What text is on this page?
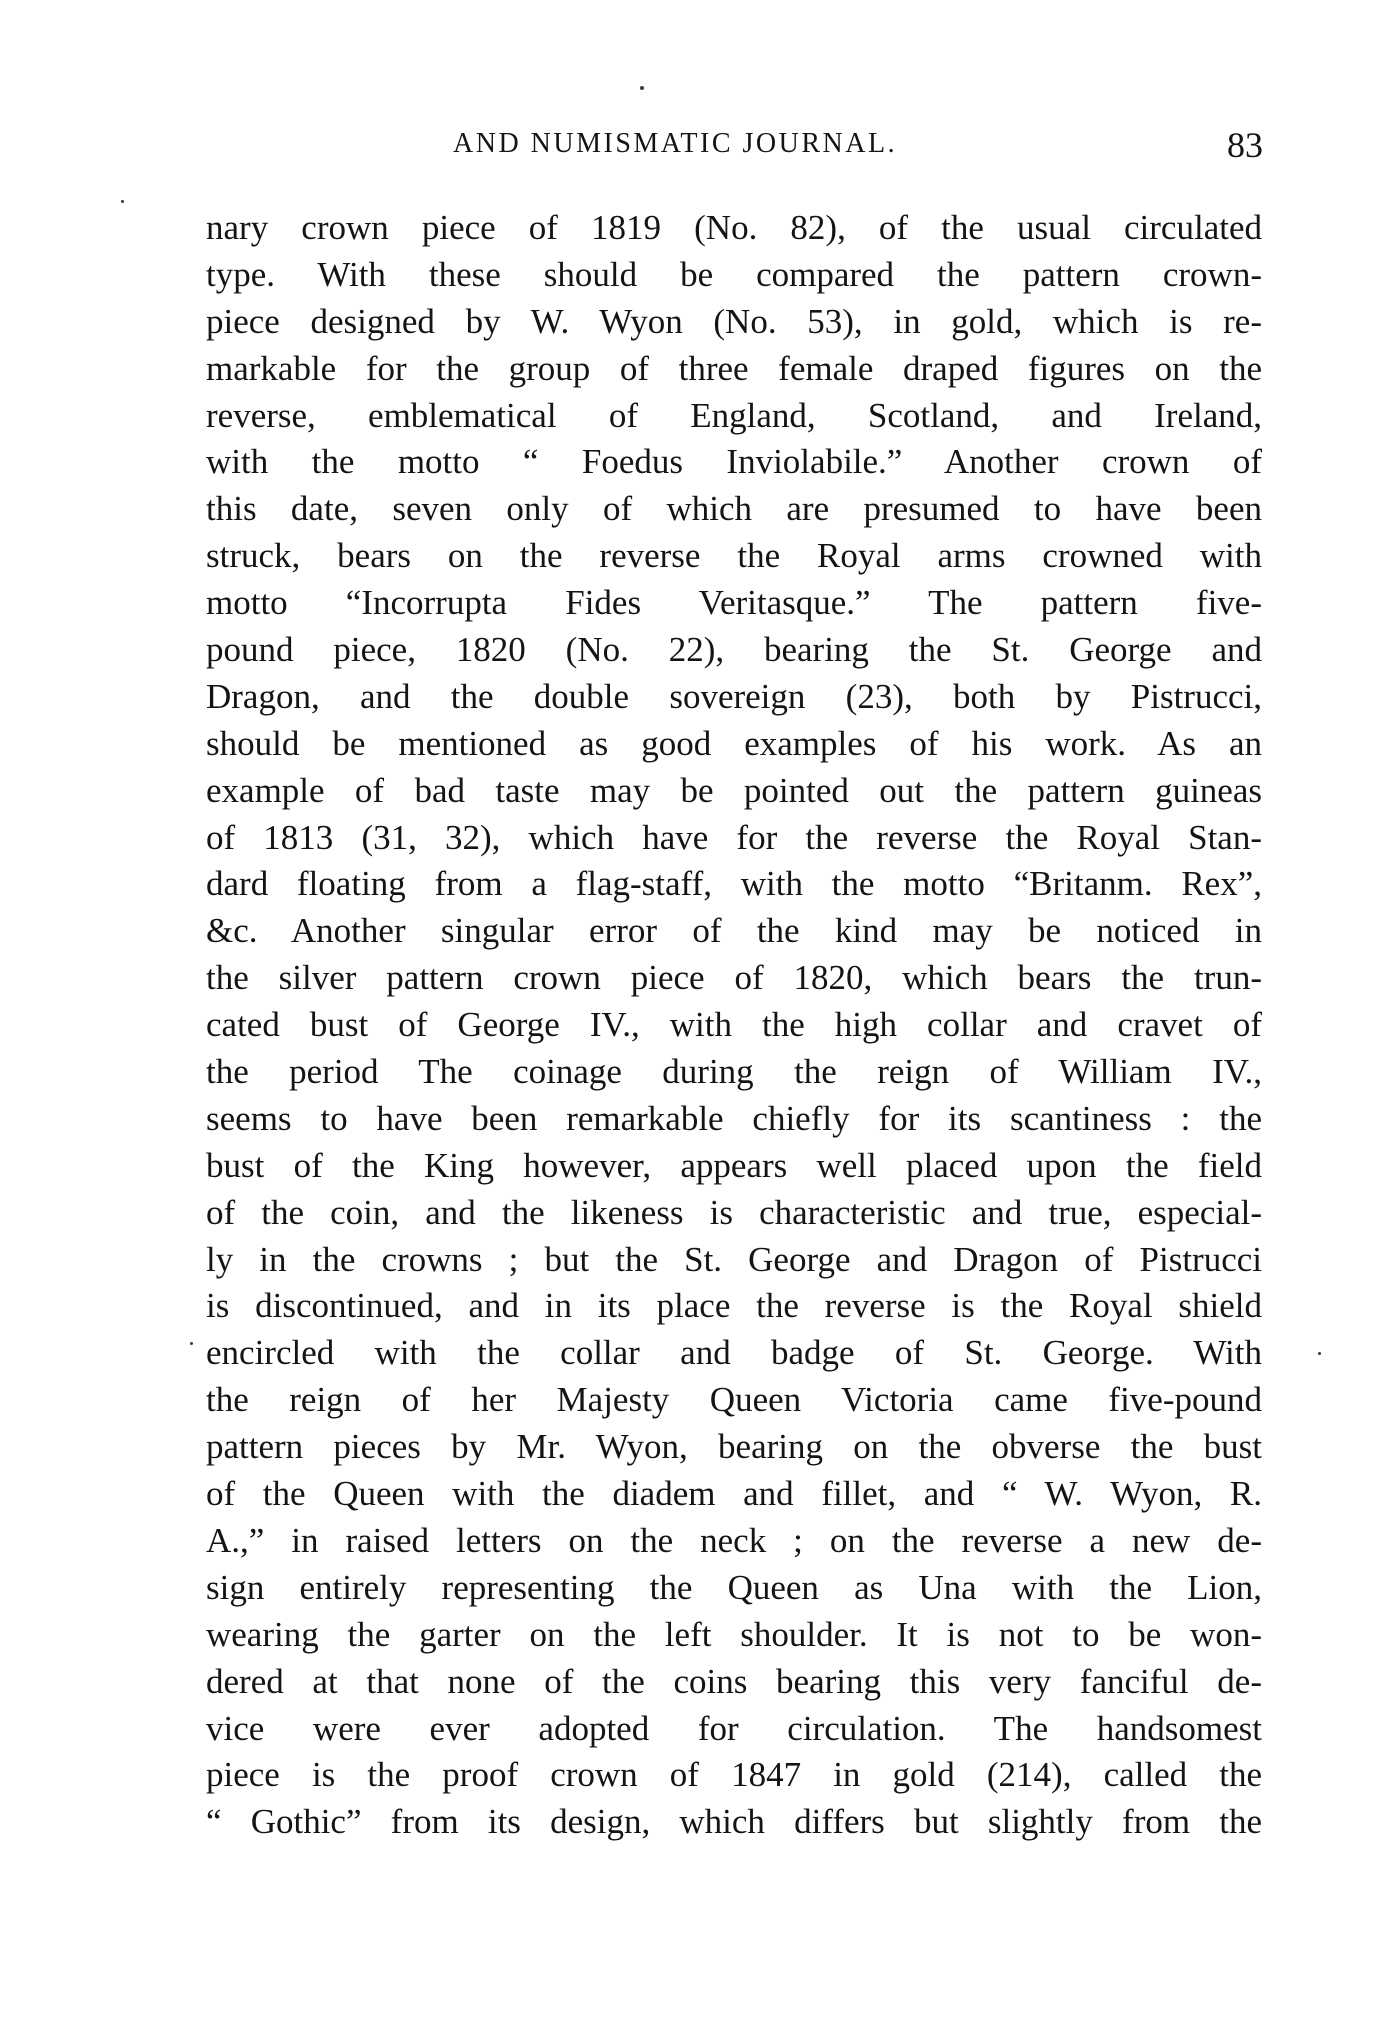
AND NUMISMATIC JOURNAL.	83
nary crown piece of 1819 (No. 82), of the usual circulated
type. With these should be compared the pattern crown-
piece designed by W. Wyon (No. 53), in gold, which is re-
markable for the group of three female draped figures on the
reverse, emblematical of England, Scotland, and Ireland,
with the motto “ Foedus Inviolabile.” Another crown of
this date, seven only of which are presumed to have been
struck, bears on the reverse the Royal arms crowned with
motto “Incorrupta Fides Veritasque.” The pattern five-
pound piece, 1820 (No. 22), bearing the St. George and
Dragon, and the double sovereign (23), both by Pistrucci,
should be mentioned as good examples of his work. As an
example of bad taste may be pointed out the pattern guineas
of 1813 (31, 32), which have for the reverse the Royal Stan-
dard floating from a flag-staff, with the motto “Britanm. Rex”,
&c. Another singular error of the kind may be noticed in
the silver pattern crown piece of 1820, which bears the trun-
cated bust of George IV., with the high collar and cravet of
the period The coinage during the reign of William IV.,
seems to have been remarkable chiefly for its scantiness : the
bust of the King however, appears well placed upon the field
of the coin, and the likeness is characteristic and true, especial-
ly in the crowns ; but the St. George and Dragon of Pistrucci
is discontinued, and in its place the reverse is the Royal shield
encircled with the collar and badge of St. George. With
the reign of her Majesty Queen Victoria came five-pound
pattern pieces by Mr. Wyon, bearing on the obverse the bust
of the Queen with the diadem and fillet, and “ W. Wyon, R.
A.,” in raised letters on the neck ; on the reverse a new de-
sign entirely representing the Queen as Una with the Lion,
wearing the garter on the left shoulder. It is not to be won-
dered at that none of the coins bearing this very fanciful de-
vice were ever adopted for circulation. The handsomest
piece is the proof crown of 1847 in gold (214), called the
“ Gothic” from its design, which differs but slightly from the
